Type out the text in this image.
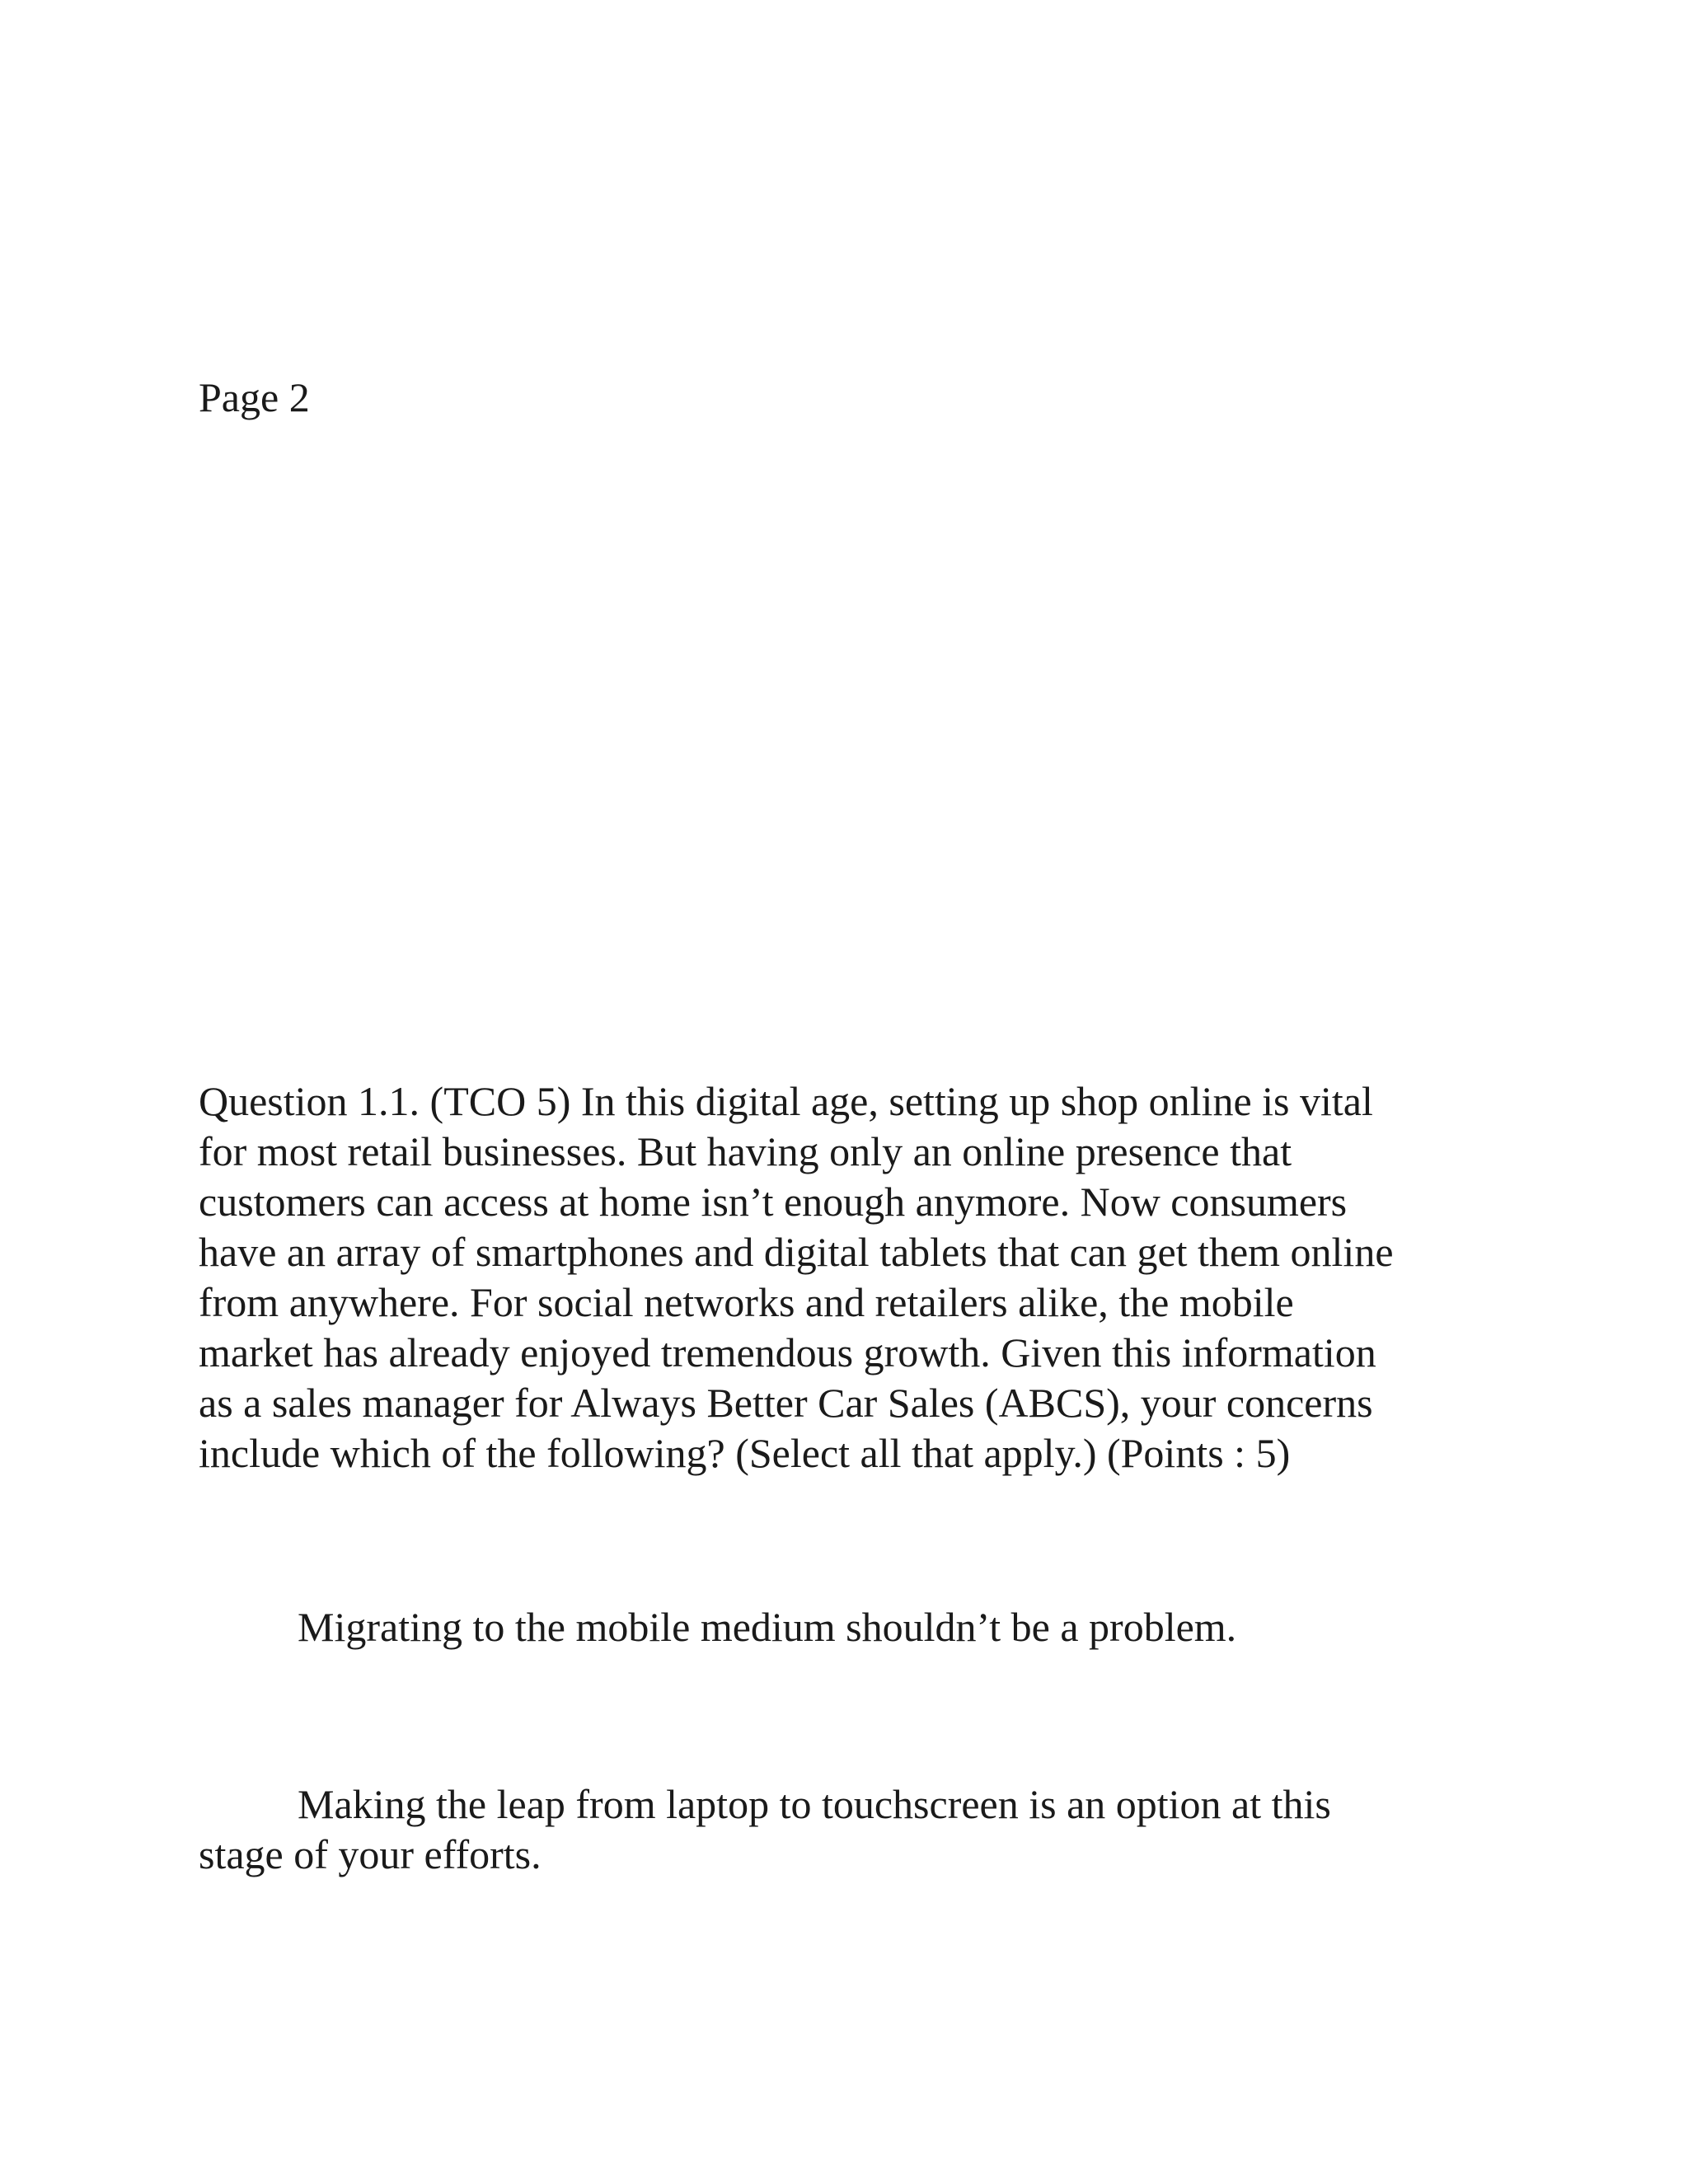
Page 2
Question 1.1. (TCO 5) In this digital age, setting up shop online is vital
for most retail businesses. But having only an online presence that
customers can access at home isn’t enough anymore. Now consumers
have an array of smartphones and digital tablets that can get them online
from anywhere. For social networks and retailers alike, the mobile
market has already enjoyed tremendous growth. Given this information
as a sales manager for Always Better Car Sales (ABCS), your concerns
include which of the following? (Select all that apply.) (Points : 5)
Migrating to the mobile medium shouldn’t be a problem.
Making the leap from laptop to touchscreen is an option at this
stage of your efforts.
